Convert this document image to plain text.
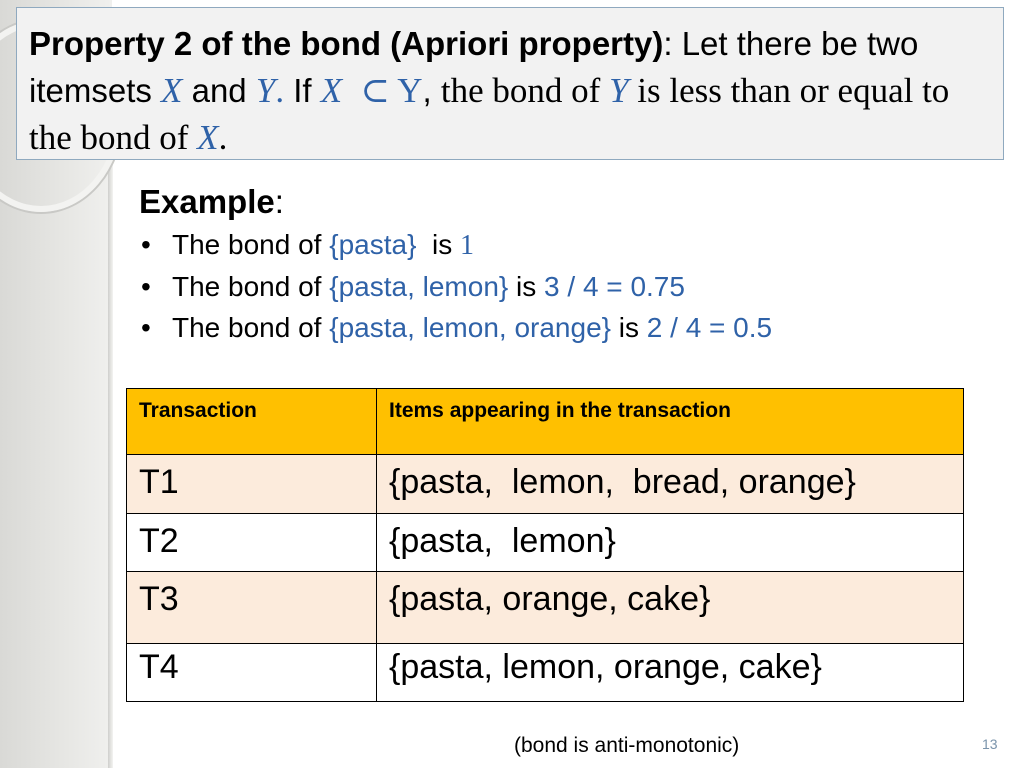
Property 2 of the bond (Apriori property): Let there be two itemsets X and Y. If X ⊂ Y, the bond of Y is less than or equal to the bond of X.
Example:
• The bond of {pasta}  is 1
• The bond of {pasta, lemon} is 3 / 4 = 0.75
• The bond of {pasta, lemon, orange} is 2 / 4 = 0.5
Transaction	Items appearing in the transaction
T1	{pasta,  lemon,  bread, orange}
T2	{pasta,  lemon}
T3	{pasta, orange, cake}
T4	{pasta, lemon, orange, cake}
(bond is anti-monotonic)	13
